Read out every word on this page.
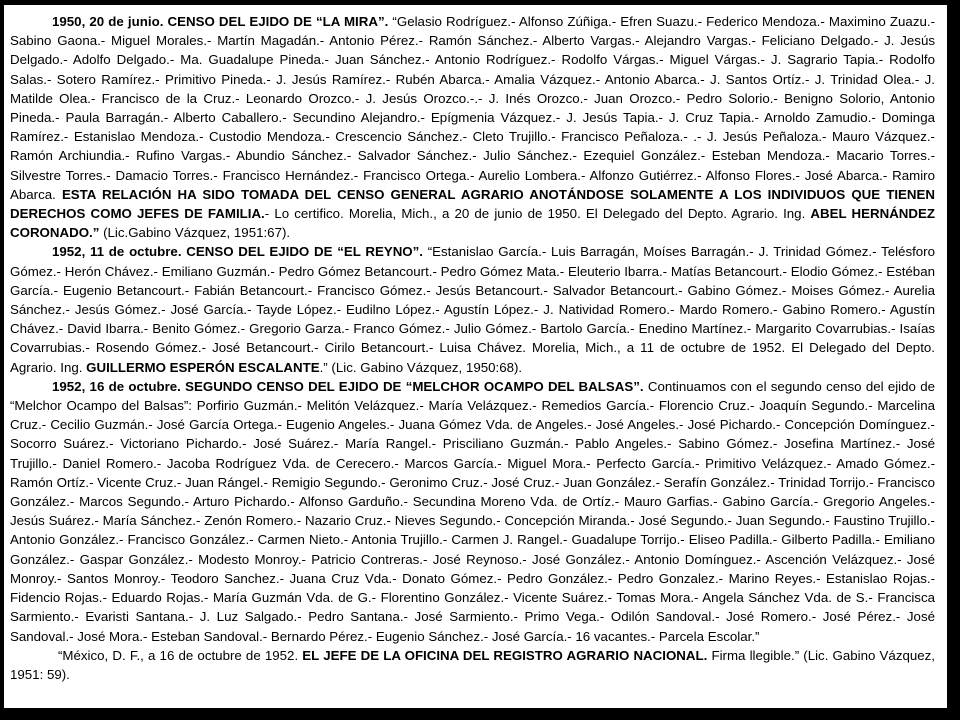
1950, 20 de junio. CENSO DEL EJIDO DE “LA MIRA”. “Gelasio Rodríguez.- Alfonso Zúñiga.- Efren Suazu.- Federico Mendoza.- Maximino Zuazu.- Sabino Gaona.- Miguel Morales.- Martín Magadán.- Antonio Pérez.- Ramón Sánchez.- Alberto Vargas.- Alejandro Vargas.- Feliciano Delgado.- J. Jesús Delgado.- Adolfo Delgado.- Ma. Guadalupe Pineda.- Juan Sánchez.- Antonio Rodríguez.- Rodolfo Várgas.- Miguel Várgas.- J. Sagrario Tapia.- Rodolfo Salas.- Sotero Ramírez.- Primitivo Pineda.- J. Jesús Ramírez.- Rubén Abarca.- Amalia Vázquez.- Antonio Abarca.- J. Santos Ortíz.- J. Trinidad Olea.- J. Matilde Olea.- Francisco de la Cruz.- Leonardo Orozco.- J. Jesús Orozco.-.- J. Inés Orozco.- Juan Orozco.- Pedro Solorio.- Benigno Solorio, Antonio Pineda.- Paula Barragán.- Alberto Caballero.- Secundino Alejandro.- Epígmenia Vázquez.- J. Jesús Tapia.- J. Cruz Tapia.- Arnoldo Zamudio.- Dominga Ramírez.- Estanislao Mendoza.- Custodio Mendoza.- Crescencio Sánchez.- Cleto Trujillo.- Francisco Peñaloza.- .- J. Jesús Peñaloza.- Mauro Vázquez.- Ramón Archiundia.- Rufino Vargas.- Abundio Sánchez.- Salvador Sánchez.- Julio Sánchez.- Ezequiel González.- Esteban Mendoza.- Macario Torres.- Silvestre Torres.- Damacio Torres.- Francisco Hernández.- Francisco Ortega.- Aurelio Lombera.- Alfonzo Gutiérrez.- Alfonso Flores.- José Abarca.- Ramiro Abarca. ESTA RELACIÓN HA SIDO TOMADA DEL CENSO GENERAL AGRARIO ANOTÁNDOSE SOLAMENTE A LOS INDIVIDUOS QUE TIENEN DERECHOS COMO JEFES DE FAMILIA.- Lo certifico. Morelia, Mich., a 20 de junio de 1950. El Delegado del Depto. Agrario. Ing. ABEL HERNÁNDEZ CORONADO.” (Lic.Gabino Vázquez, 1951:67).

1952, 11 de octubre. CENSO DEL EJIDO DE “EL REYNO”. “Estanislao García.- Luis Barragán, Moíses Barragán.- J. Trinidad Gómez.- Telésforo Gómez.- Herón Chávez.- Emiliano Guzmán.- Pedro Gómez Betancourt.- Pedro Gómez Mata.- Eleuterio Ibarra.- Matías Betancourt.- Elodio Gómez.- Estéban García.- Eugenio Betancourt.- Fabián Betancourt.- Francisco Gómez.- Jesús Betancourt.- Salvador Betancourt.- Gabino Gómez.- Moises Gómez.- Aurelia Sánchez.- Jesús Gómez.- José García.- Tayde López.- Eudilno López.- Agustín López.- J. Natividad Romero.- Mardo Romero.- Gabino Romero.- Agustín Chávez.- David Ibarra.- Benito Gómez.- Gregorio Garza.- Franco Gómez.- Julio Gómez.- Bartolo García.- Enedino Martínez.- Margarito Covarrubias.- Isaías Covarrubias.- Rosendo Gómez.- José Betancourt.- Cirilo Betancourt.- Luisa Chávez. Morelia, Mich., a 11 de octubre de 1952. El Delegado del Depto. Agrario. Ing. GUILLERMO ESPERÓN ESCALANTE.” (Lic. Gabino Vázquez, 1950:68).

1952, 16 de octubre. SEGUNDO CENSO DEL EJIDO DE “MELCHOR OCAMPO DEL BALSAS”. Continuamos con el segundo censo del ejido de “Melchor Ocampo del Balsas”: Porfirio Guzmán.- Melitón Velázquez.- María Velázquez.- Remedios García.- Florencio Cruz.- Joaquín Segundo.- Marcelina Cruz.- Cecilio Guzmán.- José García Ortega.- Eugenio Angeles.- Juana Gómez Vda. de Angeles.- José Angeles.- José Pichardo.- Concepción Domínguez.- Socorro Suárez.- Victoriano Pichardo.- José Suárez.- María Rangel.- Prisciliano Guzmán.- Pablo Angeles.- Sabino Gómez.- Josefina Martínez.- José Trujillo.- Daniel Romero.- Jacoba Rodríguez Vda. de Cerecero.- Marcos García.- Miguel Mora.- Perfecto García.- Primitivo Velázquez.- Amado Gómez.- Ramón Ortíz.- Vicente Cruz.- Juan Rángel.- Remigio Segundo.- Geronimo Cruz.- José Cruz.- Juan González.- Serafín González.- Trinidad Torrijo.- Francisco González.- Marcos Segundo.- Arturo Pichardo.- Alfonso Garduño.- Secundina Moreno Vda. de Ortíz.- Mauro Garfias.- Gabino García.- Gregorio Angeles.- Jesús Suárez.- María Sánchez.- Zenón Romero.- Nazario Cruz.- Nieves Segundo.- Concepción Miranda.- José Segundo.- Juan Segundo.- Faustino Trujillo.- Antonio González.- Francisco González.- Carmen Nieto.- Antonia Trujillo.- Carmen J. Rangel.- Guadalupe Torrijo.- Eliseo Padilla.- Gilberto Padilla.- Emiliano González.- Gaspar González.- Modesto Monroy.- Patricio Contreras.- José Reynoso.- José González.- Antonio Domínguez.- Ascención Velázquez.- José Monroy.- Santos Monroy.- Teodoro Sanchez.- Juana Cruz Vda.- Donato Gómez.- Pedro González.- Pedro Gonzalez.- Marino Reyes.- Estanislao Rojas.- Fidencio Rojas.- Eduardo Rojas.- María Guzmán Vda. de G.- Florentino González.- Vicente Suárez.- Tomas Mora.- Angela Sánchez Vda. de S.- Francisca Sarmiento.- Evaristi Santana.- J. Luz Salgado.- Pedro Santana.- José Sarmiento.- Primo Vega.- Odilón Sandoval.- José Romero.- José Pérez.- José Sandoval.- José Mora.- Esteban Sandoval.- Bernardo Pérez.- Eugenio Sánchez.- José García.- 16 vacantes.- Parcela Escolar.”

“México, D. F., a 16 de octubre de 1952. EL JEFE DE LA OFICINA DEL REGISTRO AGRARIO NACIONAL. Firma llegible.” (Lic. Gabino Vázquez, 1951: 59).
